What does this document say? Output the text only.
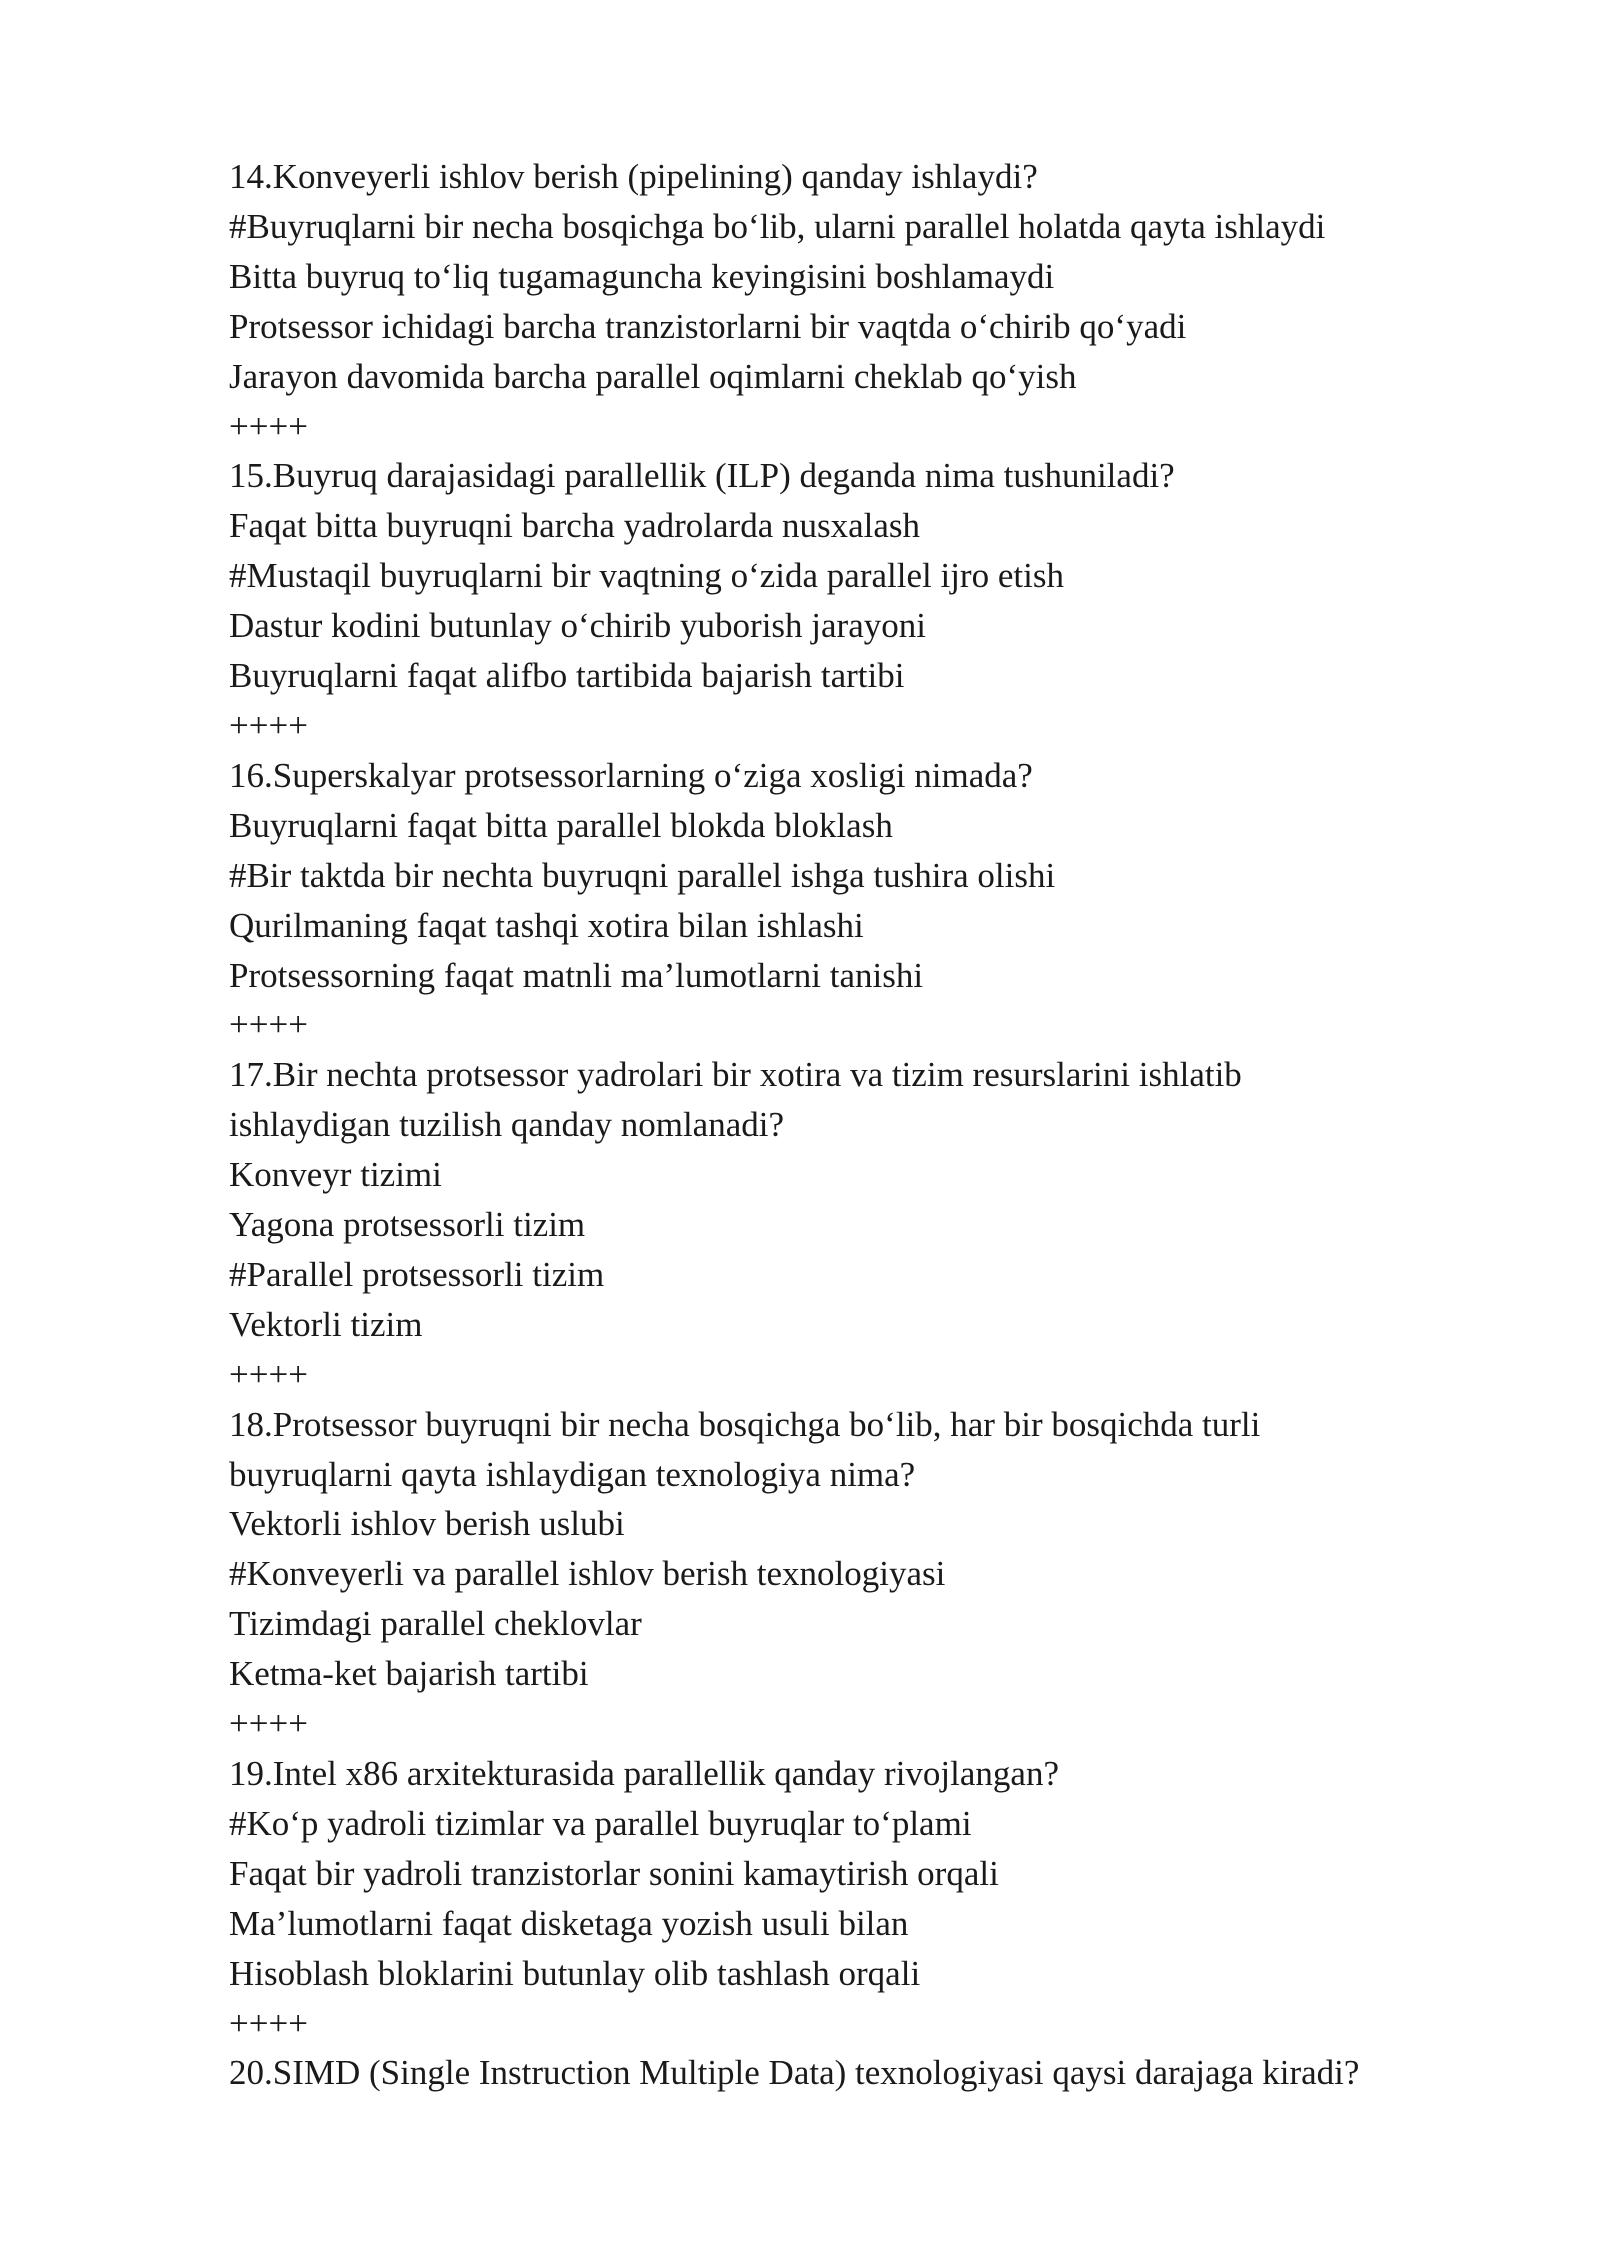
14.Konveyerli ishlov berish (pipelining) qanday ishlaydi?
#Buyruqlarni bir necha bosqichga bo‘lib, ularni parallel holatda qayta ishlaydi
Bitta buyruq to‘liq tugamaguncha keyingisini boshlamaydi
Protsessor ichidagi barcha tranzistorlarni bir vaqtda o‘chirib qo‘yadi
Jarayon davomida barcha parallel oqimlarni cheklab qo‘yish
++++
15.Buyruq darajasidagi parallellik (ILP) deganda nima tushuniladi?
Faqat bitta buyruqni barcha yadrolarda nusxalash
#Mustaqil buyruqlarni bir vaqtning o‘zida parallel ijro etish
Dastur kodini butunlay o‘chirib yuborish jarayoni
Buyruqlarni faqat alifbo tartibida bajarish tartibi
++++
16.Superskalyar protsessorlarning o‘ziga xosligi nimada?
Buyruqlarni faqat bitta parallel blokda bloklash
#Bir taktda bir nechta buyruqni parallel ishga tushira olishi
Qurilmaning faqat tashqi xotira bilan ishlashi
Protsessorning faqat matnli ma’lumotlarni tanishi
++++
17.Bir nechta protsessor yadrolari bir xotira va tizim resurslarini ishlatib
ishlaydigan tuzilish qanday nomlanadi?
Konveyr tizimi
Yagona protsessorli tizim
#Parallel protsessorli tizim
Vektorli tizim
++++
18.Protsessor buyruqni bir necha bosqichga bo‘lib, har bir bosqichda turli
buyruqlarni qayta ishlaydigan texnologiya nima?
Vektorli ishlov berish uslubi
#Konveyerli va parallel ishlov berish texnologiyasi
Tizimdagi parallel cheklovlar
Ketma-ket bajarish tartibi
++++
19.Intel x86 arxitekturasida parallellik qanday rivojlangan?
#Ko‘p yadroli tizimlar va parallel buyruqlar to‘plami
Faqat bir yadroli tranzistorlar sonini kamaytirish orqali
Ma’lumotlarni faqat disketaga yozish usuli bilan
Hisoblash bloklarini butunlay olib tashlash orqali
++++
20.SIMD (Single Instruction Multiple Data) texnologiyasi qaysi darajaga kiradi?
